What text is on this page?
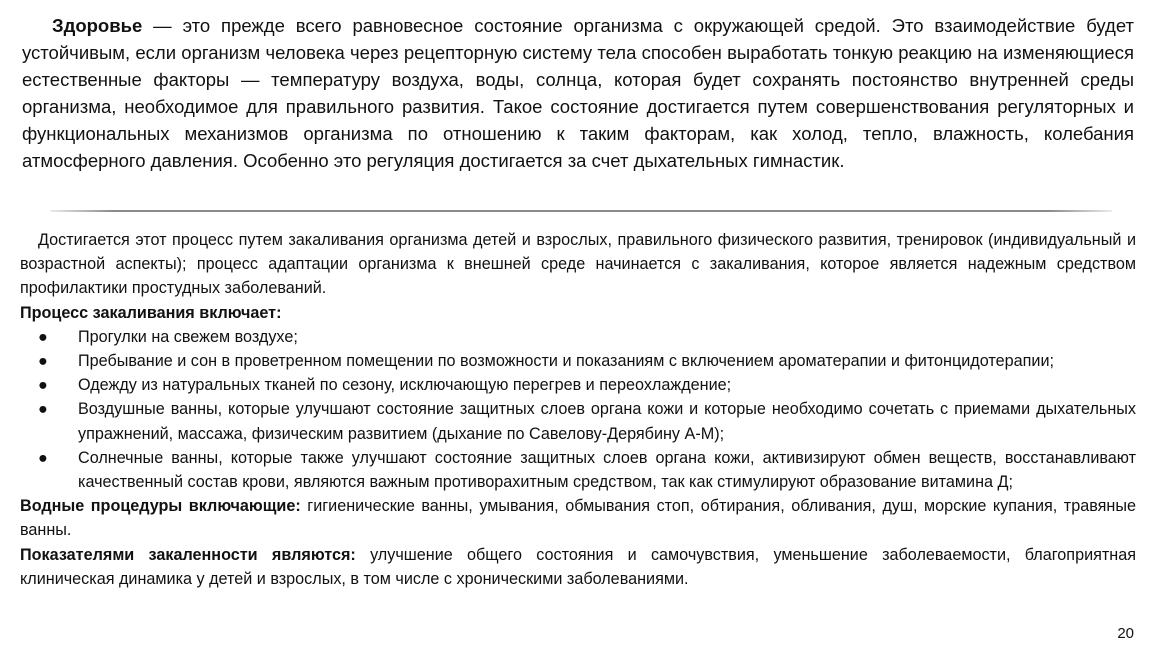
Здоровье — это прежде всего равновесное состояние организма с окружающей средой. Это взаимодействие будет устойчивым, если организм человека через рецепторную систему тела способен выработать тонкую реакцию на изменяющиеся естественные факторы — температуру воздуха, воды, солнца, которая будет сохранять постоянство внутренней среды организма, необходимое для правильного развития. Такое состояние достигается путем совершенствования регуляторных и функциональных механизмов организма по отношению к таким факторам, как холод, тепло, влажность, колебания атмосферного давления. Особенно это регуляция достигается за счет дыхательных гимнастик.

Достигается этот процесс путем закаливания организма детей и взрослых, правильного физического развития, тренировок (индивидуальный и возрастной аспекты); процесс адаптации организма к внешней среде начинается с закаливания, которое является надежным средством профилактики простудных заболеваний.

Процесс закаливания включает:

● Прогулки на свежем воздухе;
● Пребывание и сон в проветренном помещении по возможности и показаниям с включением ароматерапии и фитонцидотерапии;
● Одежду из натуральных тканей по сезону, исключающую перегрев и переохлаждение;
● Воздушные ванны, которые улучшают состояние защитных слоев органа кожи и которые необходимо сочетать с приемами дыхательных упражнений, массажа, физическим развитием (дыхание по Савелову-Дерябину А-М);
● Солнечные ванны, которые также улучшают состояние защитных слоев органа кожи, активизируют обмен веществ, восстанавливают качественный состав крови, являются важным противорахитным средством, так как стимулируют образование витамина Д;

Водные процедуры включающие: гигиенические ванны, умывания, обмывания стоп, обтирания, обливания, душ, морские купания, травяные ванны.

Показателями закаленности являются: улучшение общего состояния и самочувствия, уменьшение заболеваемости, благоприятная клиническая динамика у детей и взрослых, в том числе с хроническими заболеваниями.

20
